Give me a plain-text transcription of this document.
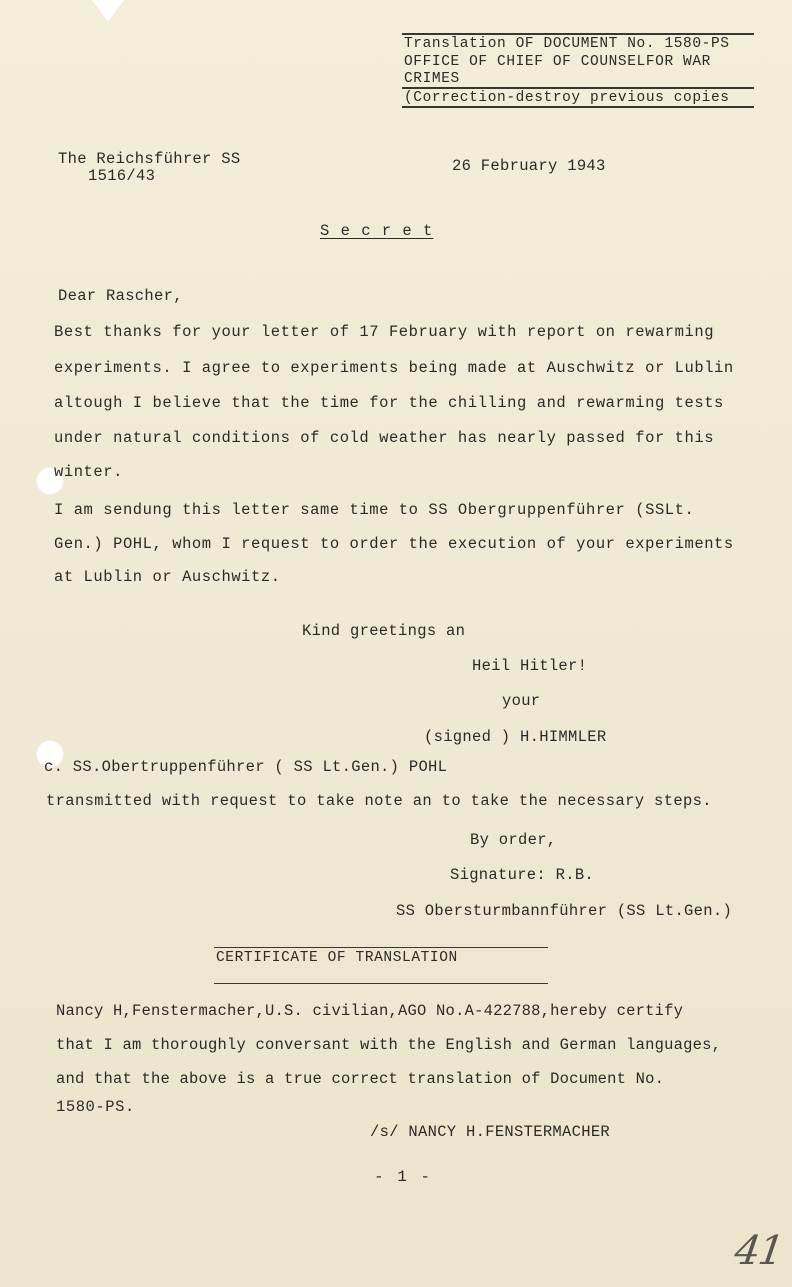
Translation OF DOCUMENT No. 1580-PS
OFFICE OF CHIEF OF COUNSELFOR WAR
CRIMES
(Correction-destroy previous copies
The Reichsführer SS
1516/43
26 February 1943
S e c r e t
Dear Rascher,
Best thanks for your letter of 17 February with report on rewarming
experiments. I agree to experiments being made at Auschwitz or Lublin
altough I believe that the time for the chilling and rewarming tests
under natural conditions of cold weather has nearly passed for this
winter.
I am sendung this letter same time to SS Obergruppenführer (SSLt.
Gen.) POHL, whom I request to order the execution of your experiments
at Lublin or Auschwitz.
Kind greetings an
Heil Hitler!
your
(signed ) H.HIMMLER
c. SS.Obertruppenführer ( SS Lt.Gen.) POHL
transmitted with request to take note an to take the necessary steps.
By order,
Signature: R.B.
SS Obersturmbannführer (SS Lt.Gen.)
CERTIFICATE OF TRANSLATION
Nancy H,Fenstermacher,U.S. civilian,AGO No.A-422788,hereby certify
that I am thoroughly conversant with the English and German languages,
and that the above is a true correct translation of Document No.
1580-PS.
/s/ NANCY H.FENSTERMACHER
- 1 -
41
